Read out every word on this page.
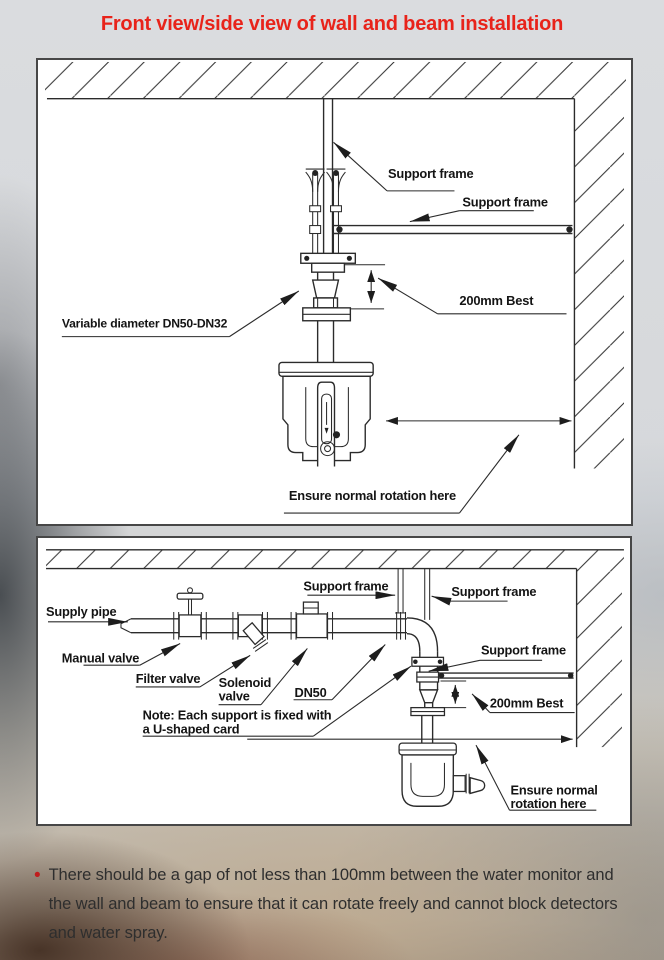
Front view/side view of wall and beam installation
Support frame
Support frame
200mm Best
Variable diameter DN50-DN32
Ensure normal rotation here
Supply pipe
Manual valve
Filter valve Solenoid
valve	DN50
Note: Each support is fixed with
a U-shaped card
Support frame	Support frame
Support frame
200mm Best
Ensure normal
rotation here
• There should be a gap of not less than 100mm between the water monitor and
the wall and beam to ensure that it can rotate freely and cannot block detectors
and water spray.
